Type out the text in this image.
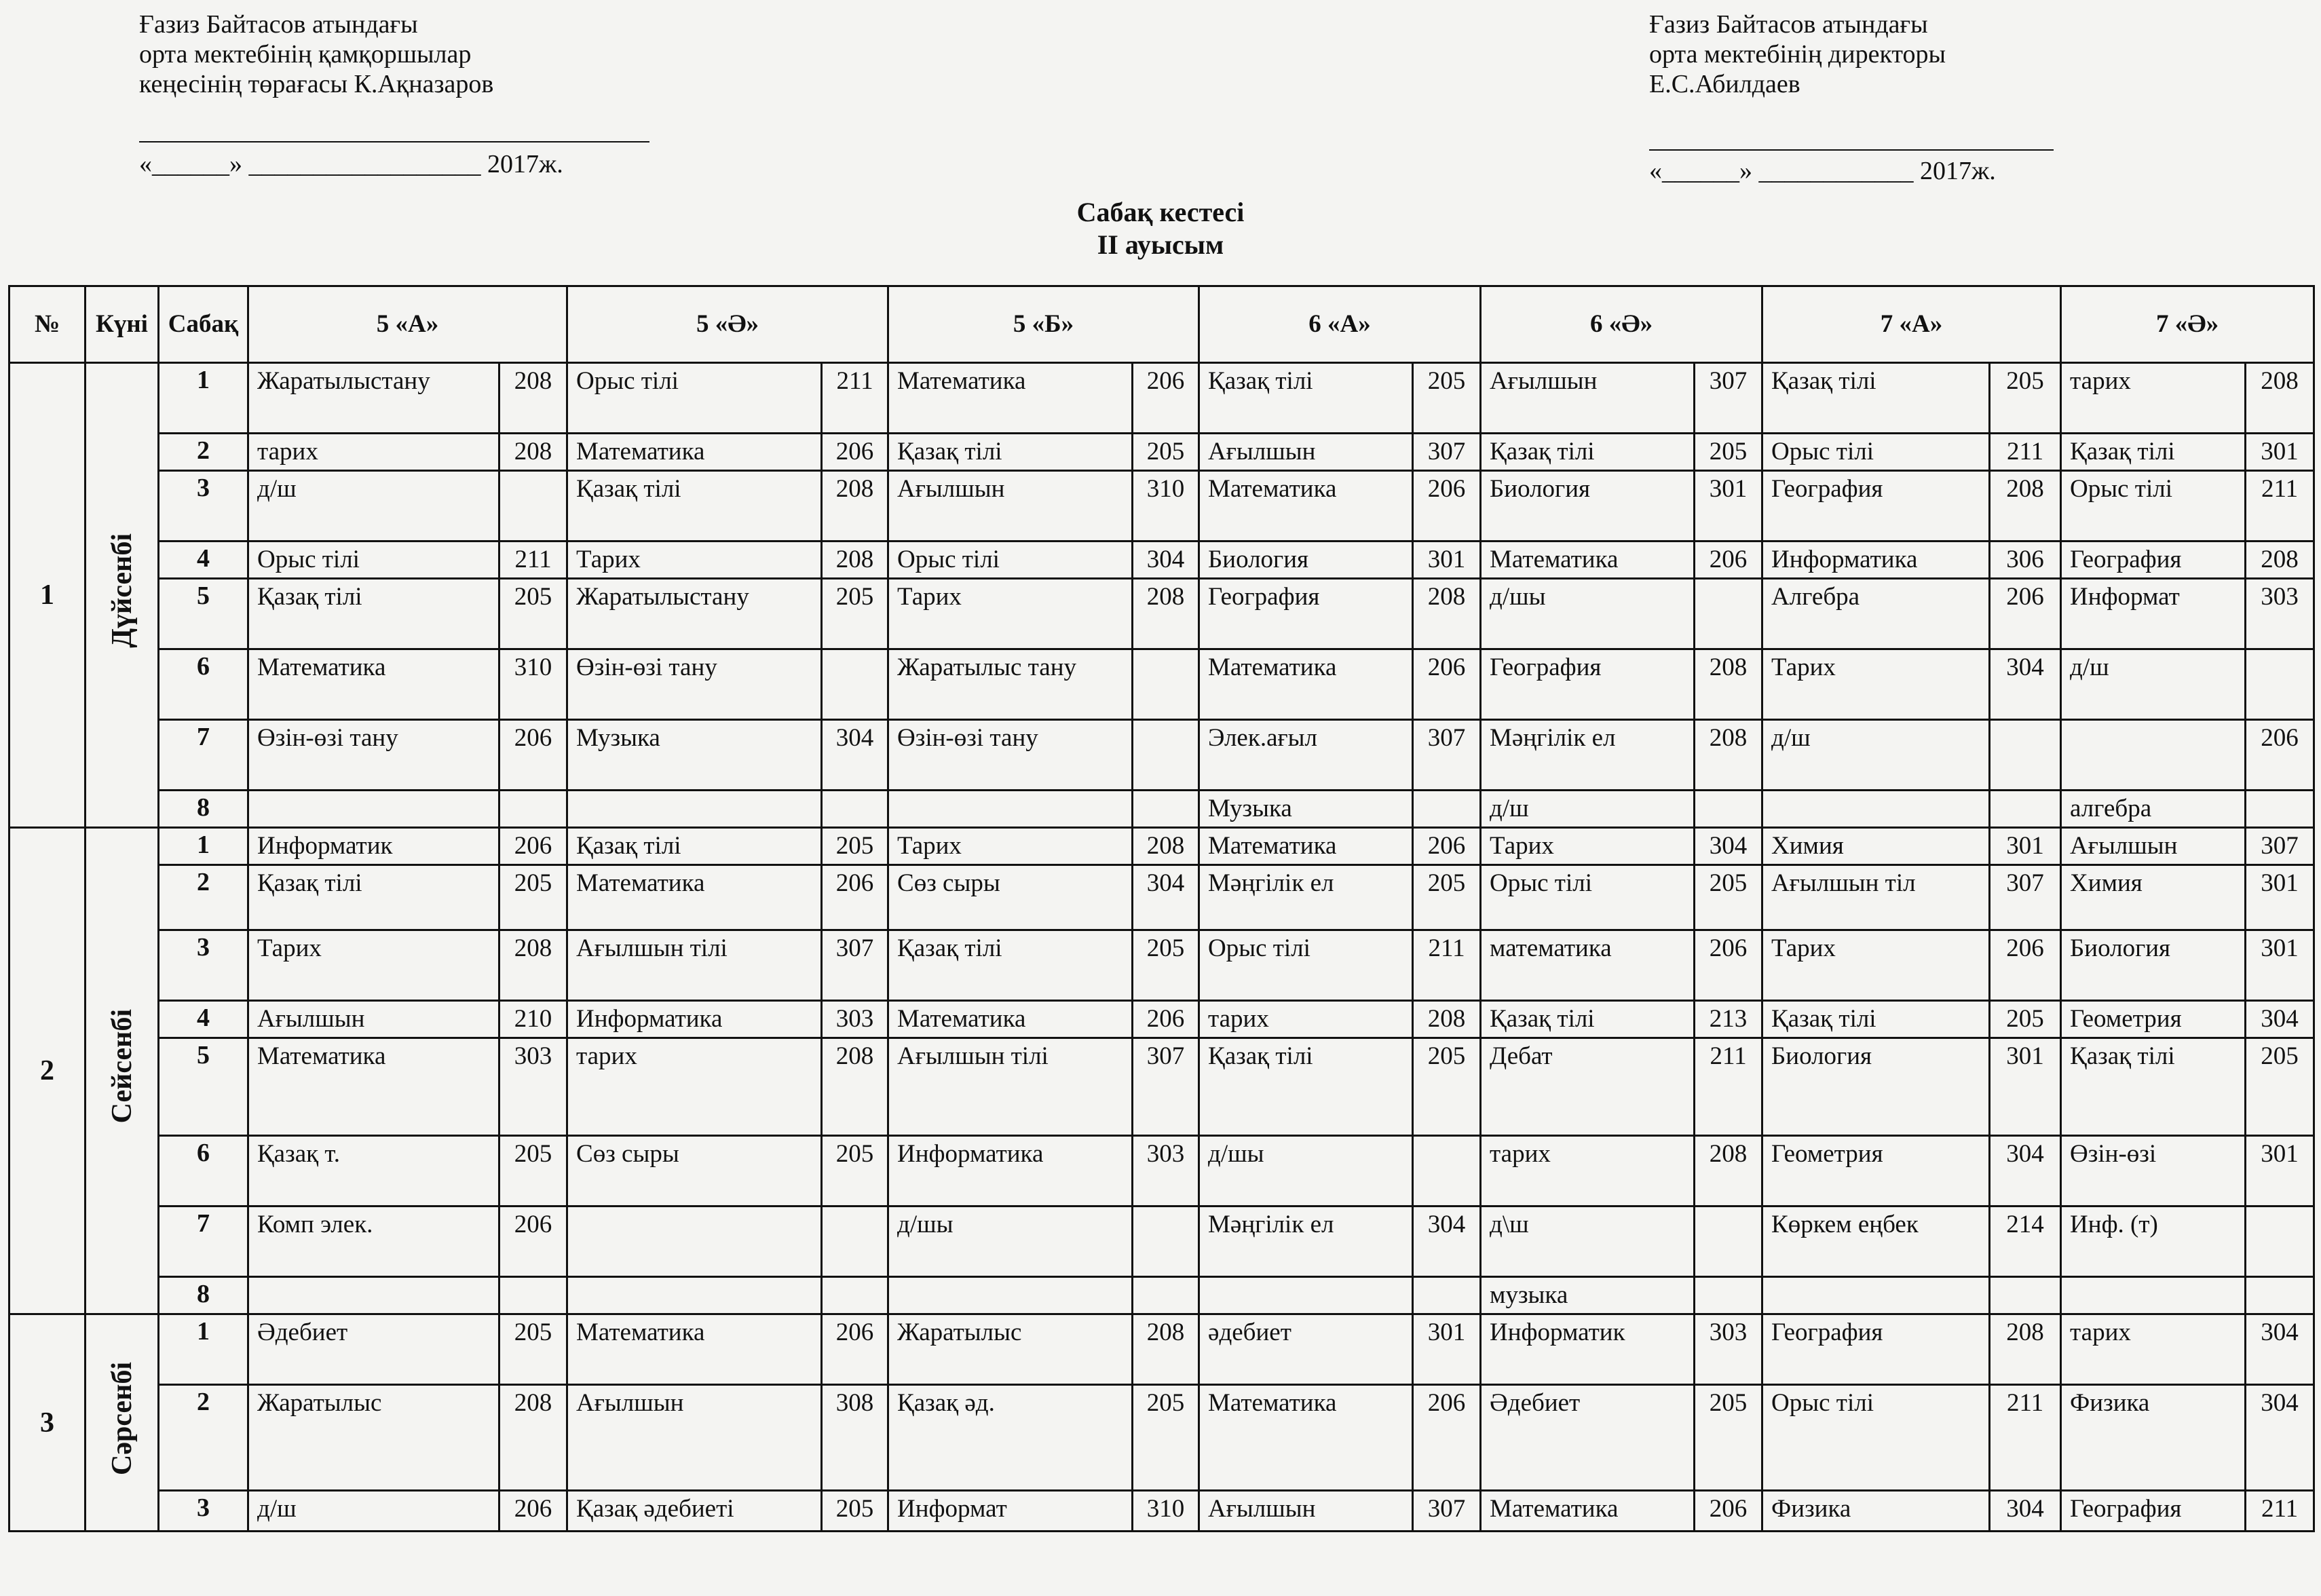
Ғазиз Байтасов атындағы
орта мектебінің қамқоршылар
кеңесінің төрағасы К.Ақназаров
«______» __________________ 2017ж.
Ғазиз Байтасов атындағы
орта мектебінің директоры
Е.С.Абилдаев
«______» ____________ 2017ж.
Сабақ кестесі
II ауысым
№	Күні	Сабақ	5 «А»		5 «Ә»		5 «Б»		6 «А»		6 «Ә»		7 «А»		7 «Ә»	
1	Дүйсенбі	1	Жаратылыстану	208	Орыс тілі	211	Математика	206	Қазақ тілі	205	Ағылшын	307	Қазақ тілі	205	тарих	208
		2	тарих	208	Математика	206	Қазақ тілі	205	Ағылшын	307	Қазақ тілі	205	Орыс тілі	211	Қазақ тілі	301
		3	д/ш		Қазақ тілі	208	Ағылшын	310	Математика	206	Биология	301	География	208	Орыс тілі	211
		4	Орыс тілі	211	Тарих	208	Орыс тілі	304	Биология	301	Математика	206	Информатика	306	География	208
		5	Қазақ тілі	205	Жаратылыстану	205	Тарих	208	География	208	д/шы		Алгебра	206	Информат	303
		6	Математика	310	Өзін-өзі тану		Жаратылыс тану		Математика	206	География	208	Тарих	304	д/ш	
		7	Өзін-өзі тану	206	Музыка	304	Өзін-өзі тану		Элек.ағыл	307	Мәңгілік ел	208	д/ш			206
		8							Музыка		д/ш				алгебра	
2	Сейсенбі	1	Информатик	206	Қазақ тілі	205	Тарих	208	Математика	206	Тарих	304	Химия	301	Ағылшын	307
		2	Қазақ тілі	205	Математика	206	Сөз сыры	304	Мәңгілік ел	205	Орыс тілі	205	Ағылшын тіл	307	Химия	301
		3	Тарих	208	Ағылшын тілі	307	Қазақ тілі	205	Орыс тілі	211	математика	206	Тарих	206	Биология	301
		4	Ағылшын	210	Информатика	303	Математика	206	тарих	208	Қазақ тілі	213	Қазақ тілі	205	Геометрия	304
		5	Математика	303	тарих	208	Ағылшын тілі	307	Қазақ тілі	205	Дебат	211	Биология	301	Қазақ тілі	205
		6	Қазақ т.	205	Сөз сыры	205	Информатика	303	д/шы		тарих	208	Геометрия	304	Өзін-өзі	301
		7	Комп элек.	206			д/шы		Мәңгілік ел	304	д\ш		Көркем еңбек	214	Инф. (т)	
		8									музыка					
3	Сәрсенбі	1	Әдебиет	205	Математика	206	Жаратылыс	208	әдебиет	301	Информатик	303	География	208	тарих	304
		2	Жаратылыс	208	Ағылшын	308	Қазақ әд.	205	Математика	206	Әдебиет	205	Орыс тілі	211	Физика	304
		3	д/ш	206	Қазақ әдебиеті	205	Информат	310	Ағылшын	307	Математика	206	Физика	304	География	211
